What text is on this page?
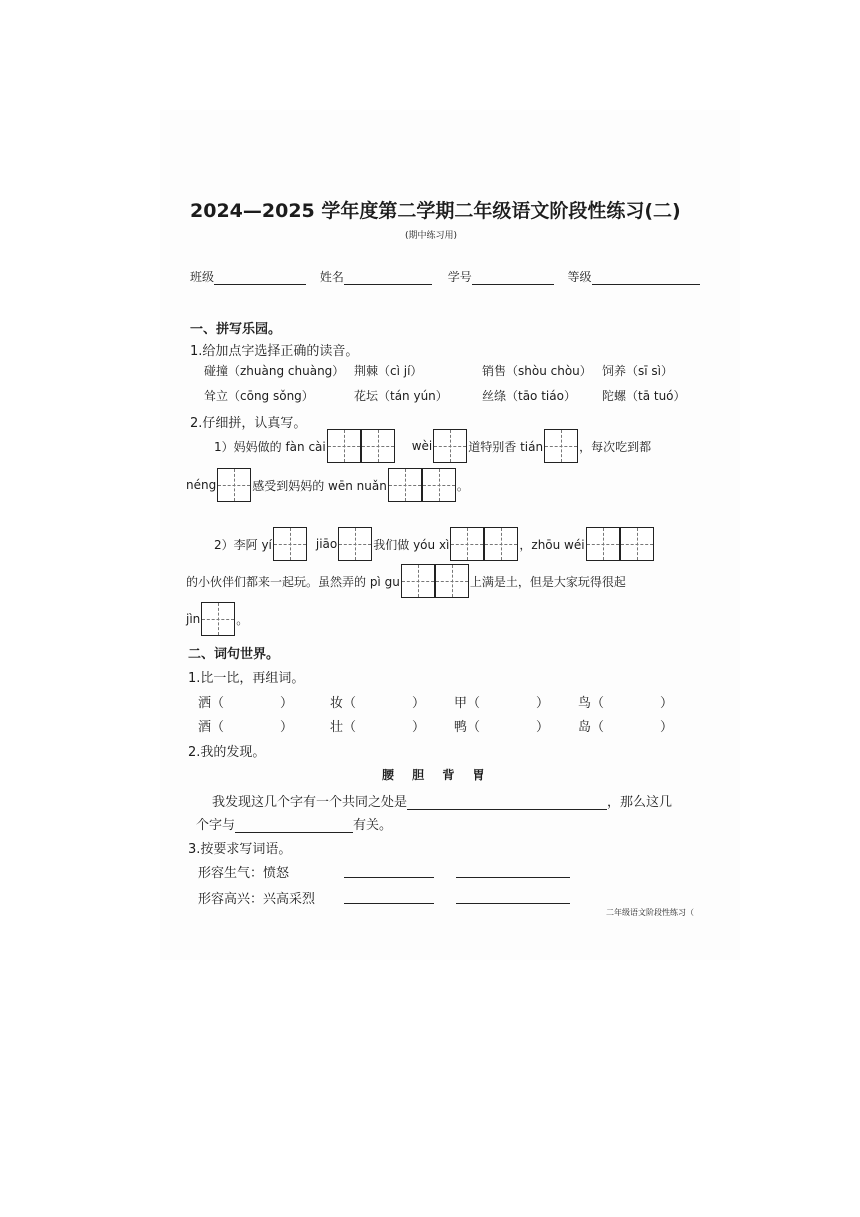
2024—2025 学年度第二学期二年级语文阶段性练习(二)
(期中练习用)
班级	姓名	学号	等级
一、拼写乐园。
1.给加点字选择正确的读音。
碰撞（zhuàng chuàng） 荆棘（cì jí）	销售（shòu chòu） 饲养（sī sì）
耸立（cōng sǒng）	花坛（tán yún）	丝绦（tāo tiáo） 陀螺（tā tuó）
2.仔细拼，认真写。
1）妈妈做的 fàn cài	wèi	道特别香 tián	，每次吃到都
néng	感受到妈妈的 wēn nuǎn	。
2）李阿 yí	jiāo	我们做 yóu xì	，zhōu wéi
的小伙伴们都来一起玩。虽然弄的 pì gu	上满是土，但是大家玩得很起
jìn	。
二、词句世界。
1.比一比，再组词。
洒（	）	妆（	） 甲（	） 鸟（	）
酒（	）	壮（	） 鸭（	） 岛（	）
2.我的发现。
腰 胆 背 胃
我发现这几个字有一个共同之处是	，那么这几
个字与	有关。
3.按要求写词语。
形容生气：愤怒
形容高兴：兴高采烈
二年级语文阶段性练习（
